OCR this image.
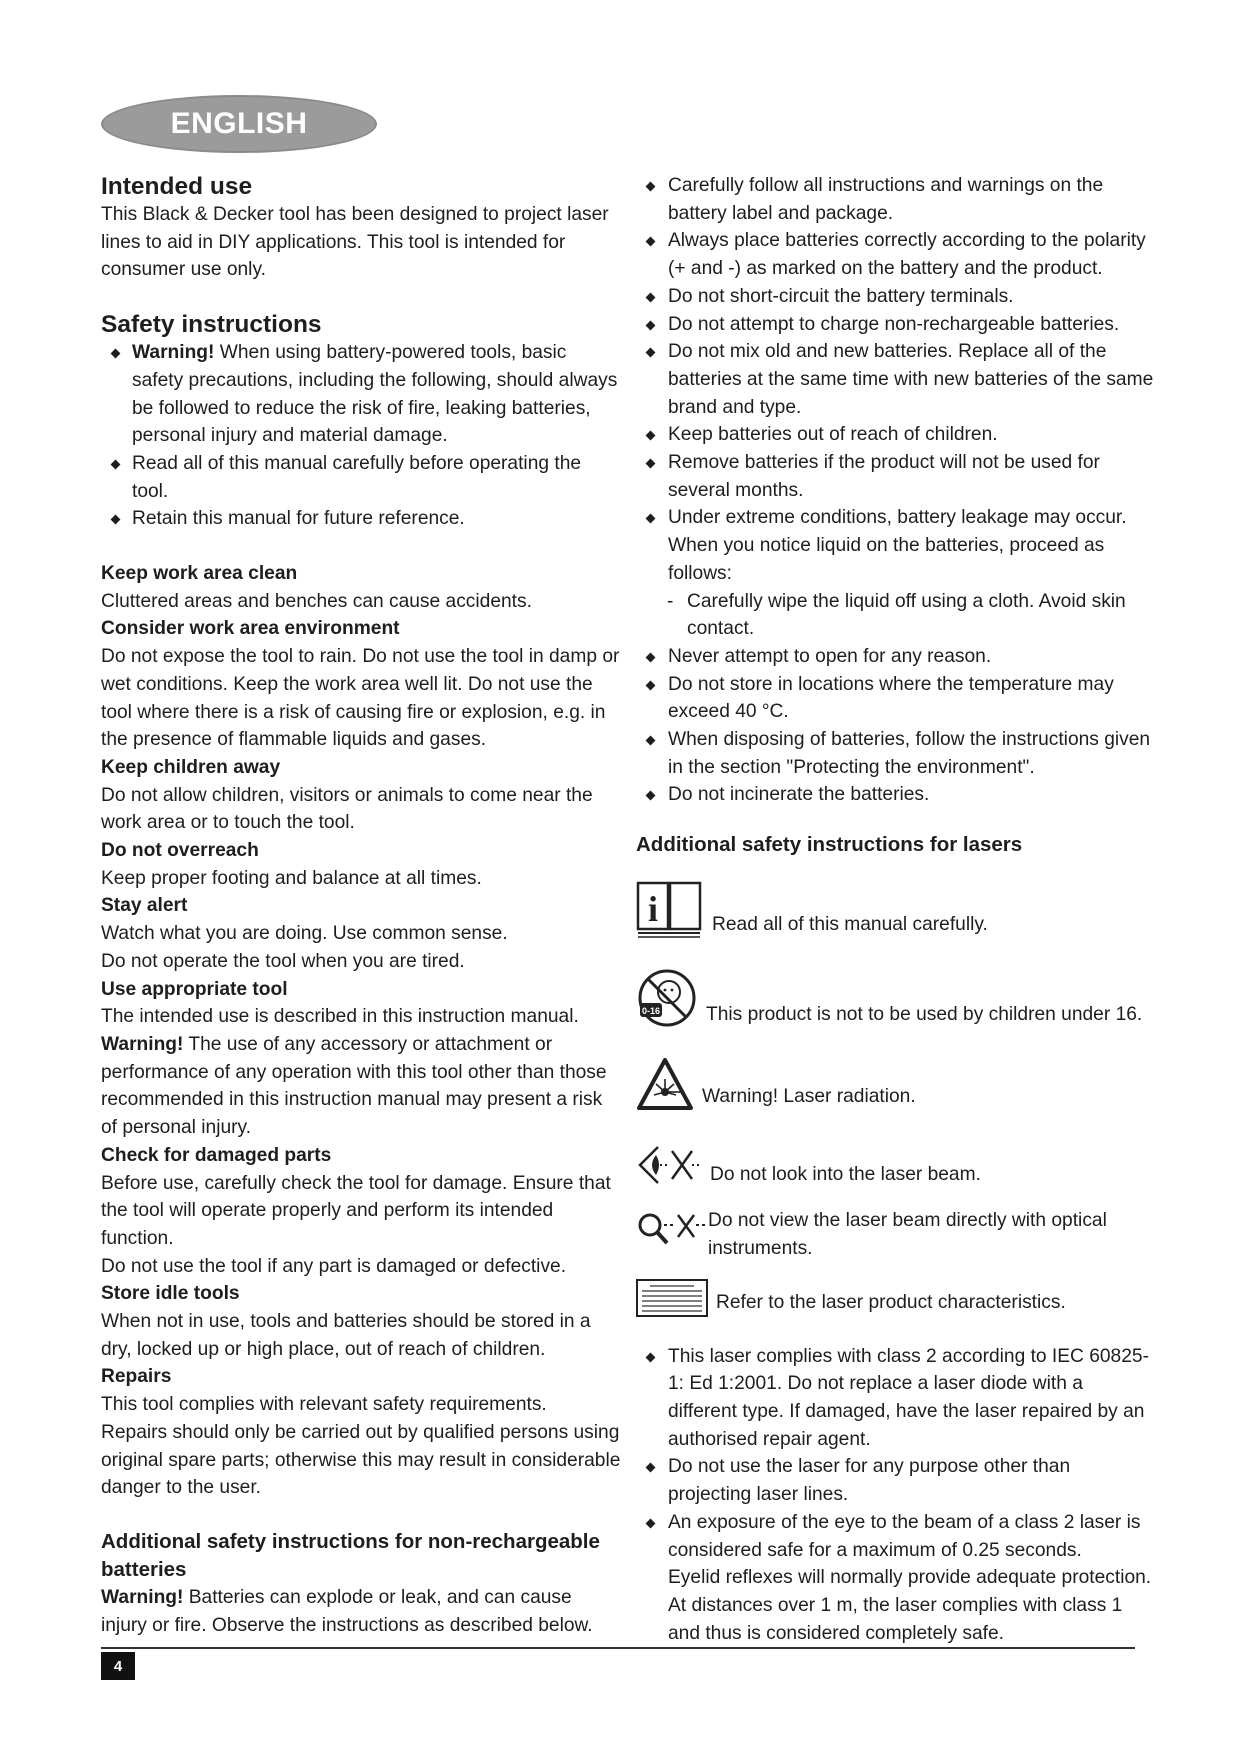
ENGLISH
Intended use

This Black & Decker tool has been designed to project laser lines to aid in DIY applications. This tool is intended for consumer use only.

Safety instructions
Warning! When using battery-powered tools, basic safety precautions, including the following, should always be followed to reduce the risk of fire, leaking batteries, personal injury and material damage.
Read all of this manual carefully before operating the tool.
Retain this manual for future reference.
Keep work area clean

Cluttered areas and benches can cause accidents.

Consider work area environment

Do not expose the tool to rain. Do not use the tool in damp or wet conditions. Keep the work area well lit. Do not use the tool where there is a risk of causing fire or explosion, e.g. in the presence of flammable liquids and gases.

Keep children away

Do not allow children, visitors or animals to come near the work area or to touch the tool.

Do not overreach

Keep proper footing and balance at all times.

Stay alert

Watch what you are doing. Use common sense.

Do not operate the tool when you are tired.

Use appropriate tool

The intended use is described in this instruction manual.

Warning! The use of any accessory or attachment or performance of any operation with this tool other than those recommended in this instruction manual may present a risk of personal injury.

Check for damaged parts

Before use, carefully check the tool for damage. Ensure that the tool will operate properly and perform its intended function.

Do not use the tool if any part is damaged or defective.

Store idle tools

When not in use, tools and batteries should be stored in a dry, locked up or high place, out of reach of children.

Repairs

This tool complies with relevant safety requirements.

Repairs should only be carried out by qualified persons using original spare parts; otherwise this may result in considerable danger to the user.

Additional safety instructions for non-rechargeable batteries

Warning! Batteries can explode or leak, and can cause injury or fire. Observe the instructions as described below.

Carefully follow all instructions and warnings on the battery label and package.
Always place batteries correctly according to the polarity (+ and -) as marked on the battery and the product.
Do not short-circuit the battery terminals.
Do not attempt to charge non-rechargeable batteries.
Do not mix old and new batteries. Replace all of the batteries at the same time with new batteries of the same brand and type.
Keep batteries out of reach of children.
Remove batteries if the product will not be used for several months.
Under extreme conditions, battery leakage may occur. When you notice liquid on the batteries, proceed as follows:
- Carefully wipe the liquid off using a cloth. Avoid skin contact.
Never attempt to open for any reason.
Do not store in locations where the temperature may exceed 40 °C.
When disposing of batteries, follow the instructions given in the section "Protecting the environment".
Do not incinerate the batteries.
Additional safety instructions for lasers
i	Read all of this manual carefully.
0-16 This product is not to be used by children under 16.
Warning! Laser radiation.
Do not look into the laser beam.
Do not view the laser beam directly with optical instruments.
Refer to the laser product characteristics.
This laser complies with class 2 according to IEC 60825-1: Ed 1:2001. Do not replace a laser diode with a different type. If damaged, have the laser repaired by an authorised repair agent.
Do not use the laser for any purpose other than projecting laser lines.
An exposure of the eye to the beam of a class 2 laser is considered safe for a maximum of 0.25 seconds.
Eyelid reflexes will normally provide adequate protection.
At distances over 1 m, the laser complies with class 1 and thus is considered completely safe.
4
